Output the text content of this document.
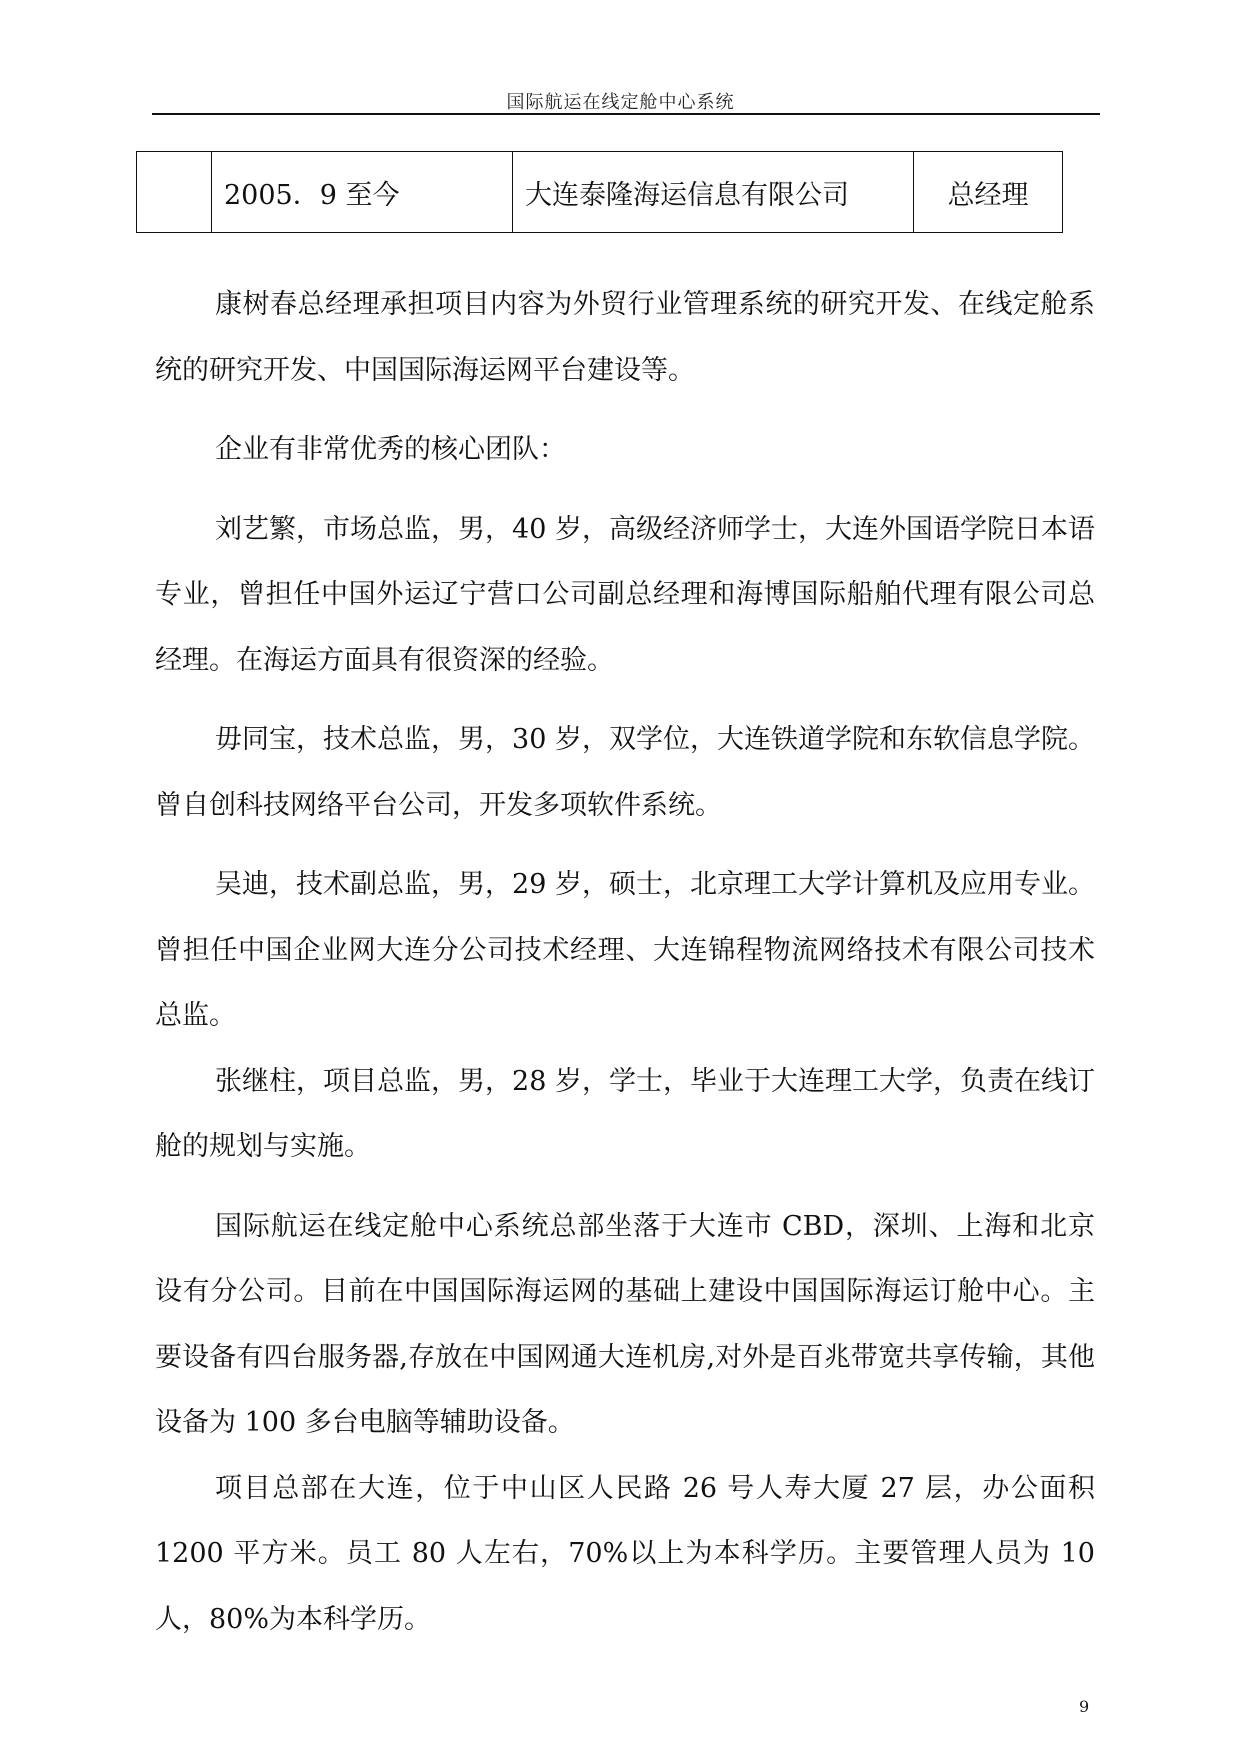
国际航运在线定舱中心系统
	2005．9 至今	大连泰隆海运信息有限公司	总经理

康树春总经理承担项目内容为外贸行业管理系统的研究开发、在线定舱系统的研究开发、中国国际海运网平台建设等。

企业有非常优秀的核心团队：

刘艺繁，市场总监，男，40 岁，高级经济师学士，大连外国语学院日本语专业，曾担任中国外运辽宁营口公司副总经理和海博国际船舶代理有限公司总经理。在海运方面具有很资深的经验。

毋同宝，技术总监，男，30 岁，双学位，大连铁道学院和东软信息学院。曾自创科技网络平台公司，开发多项软件系统。

吴迪，技术副总监，男，29 岁，硕士，北京理工大学计算机及应用专业。曾担任中国企业网大连分公司技术经理、大连锦程物流网络技术有限公司技术总监。

张继柱，项目总监，男，28 岁，学士，毕业于大连理工大学，负责在线订舱的规划与实施。

国际航运在线定舱中心系统总部坐落于大连市 CBD，深圳、上海和北京设有分公司。目前在中国国际海运网的基础上建设中国国际海运订舱中心。主要设备有四台服务器,存放在中国网通大连机房,对外是百兆带宽共享传输，其他设备为 100 多台电脑等辅助设备。

项目总部在大连，位于中山区人民路 26 号人寿大厦 27 层，办公面积1200 平方米。员工 80 人左右，70%以上为本科学历。主要管理人员为 10人，80%为本科学历。

9
